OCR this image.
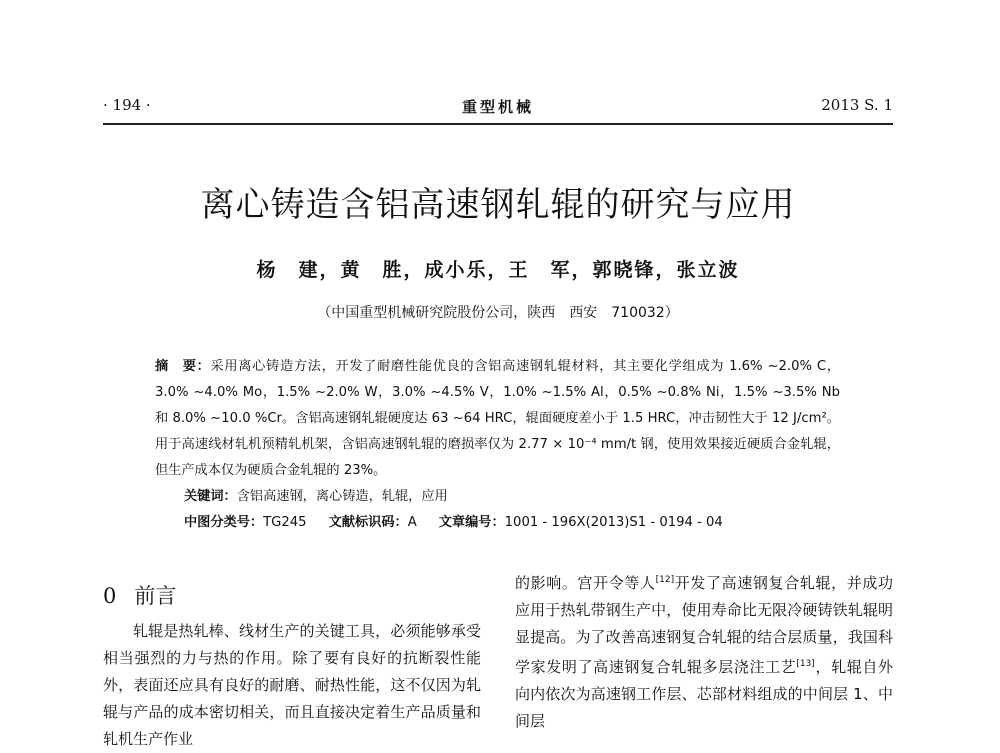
· 194 ·	重型机械	2013 S. 1
离心铸造含铝高速钢轧辊的研究与应用
杨　建，黄　胜，成小乐，王　军，郭晓锋，张立波
（中国重型机械研究院股份公司，陕西　西安　710032）
摘　要：采用离心铸造方法，开发了耐磨性能优良的含铝高速钢轧辊材料，其主要化学组成为 1.6% ~2.0% C，3.0% ~4.0% Mo，1.5% ~2.0% W，3.0% ~4.5% V，1.0% ~1.5% Al，0.5% ~0.8% Ni，1.5% ~3.5% Nb 和 8.0% ~10.0 %Cr。含铝高速钢轧辊硬度达 63 ~64 HRC，辊面硬度差小于 1.5 HRC，冲击韧性大于 12 J/cm²。用于高速线材轧机预精轧机架，含铝高速钢轧辊的磨损率仅为 2.77 × 10⁻⁴ mm/t 钢，使用效果接近硬质合金轧辊，但生产成本仅为硬质合金轧辊的 23%。
关键词：含铝高速钢，离心铸造，轧辊，应用
中图分类号：TG245 文献标识码：A 文章编号：1001 - 196X(2013)S1 - 0194 - 04
0 前言
轧辊是热轧棒、线材生产的关键工具，必须能够承受相当强烈的力与热的作用。除了要有良好的抗断裂性能外，表面还应具有良好的耐磨、耐热性能，这不仅因为轧辊与产品的成本密切相关，而且直接决定着生产品质量和轧机生产作业
的影响。宫开令等人[12]开发了高速钢复合轧辊，并成功应用于热轧带钢生产中，使用寿命比无限冷硬铸铁轧辊明显提高。为了改善高速钢复合轧辊的结合层质量，我国科学家发明了高速钢复合轧辊多层浇注工艺[13]，轧辊自外向内依次为高速钢工作层、芯部材料组成的中间层 1、中间层
